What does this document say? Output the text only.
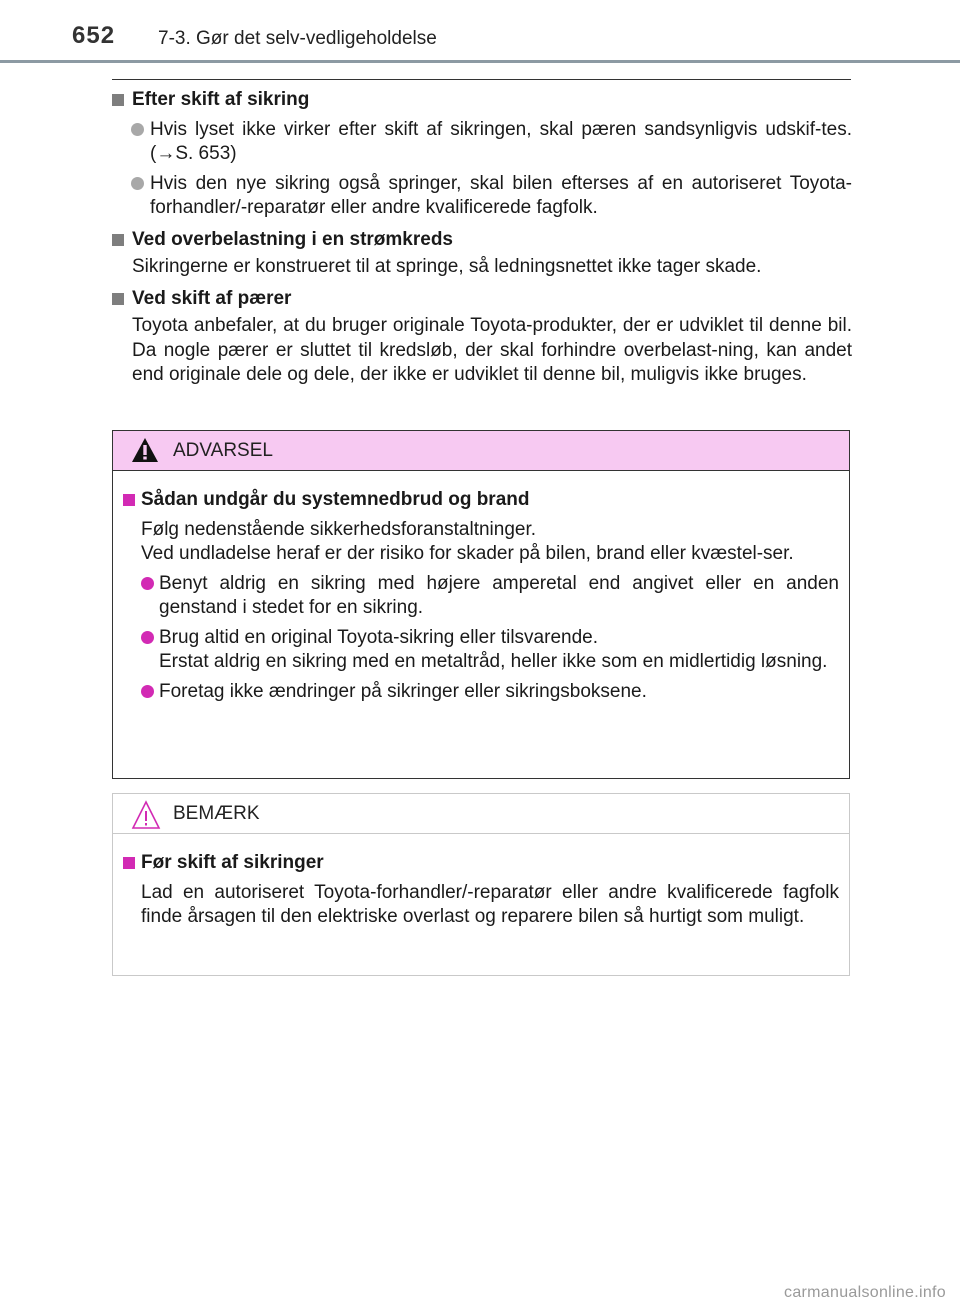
652 7-3. Gør det selv-vedligeholdelse

Efter skift af sikring

Hvis lyset ikke virker efter skift af sikringen, skal pæren sandsynligvis udskif-tes. (→S. 653)

Hvis den nye sikring også springer, skal bilen efterses af en autoriseret Toyota-forhandler/-reparatør eller andre kvalificerede fagfolk.

Ved overbelastning i en strømkreds

Sikringerne er konstrueret til at springe, så ledningsnettet ikke tager skade.

Ved skift af pærer

Toyota anbefaler, at du bruger originale Toyota-produkter, der er udviklet til denne bil. Da nogle pærer er sluttet til kredsløb, der skal forhindre overbelast-ning, kan andet end originale dele og dele, der ikke er udviklet til denne bil, muligvis ikke bruges.

ADVARSEL

Sådan undgår du systemnedbrud og brand

Følg nedenstående sikkerhedsforanstaltninger.

Ved undladelse heraf er der risiko for skader på bilen, brand eller kvæstel-ser.

Benyt aldrig en sikring med højere amperetal end angivet eller en anden genstand i stedet for en sikring.

Brug altid en original Toyota-sikring eller tilsvarende.
Erstat aldrig en sikring med en metaltråd, heller ikke som en midlertidig løsning.

Foretag ikke ændringer på sikringer eller sikringsboksene.

BEMÆRK

Før skift af sikringer

Lad en autoriseret Toyota-forhandler/-reparatør eller andre kvalificerede fagfolk finde årsagen til den elektriske overlast og reparere bilen så hurtigt som muligt.

carmanualsonline.info
